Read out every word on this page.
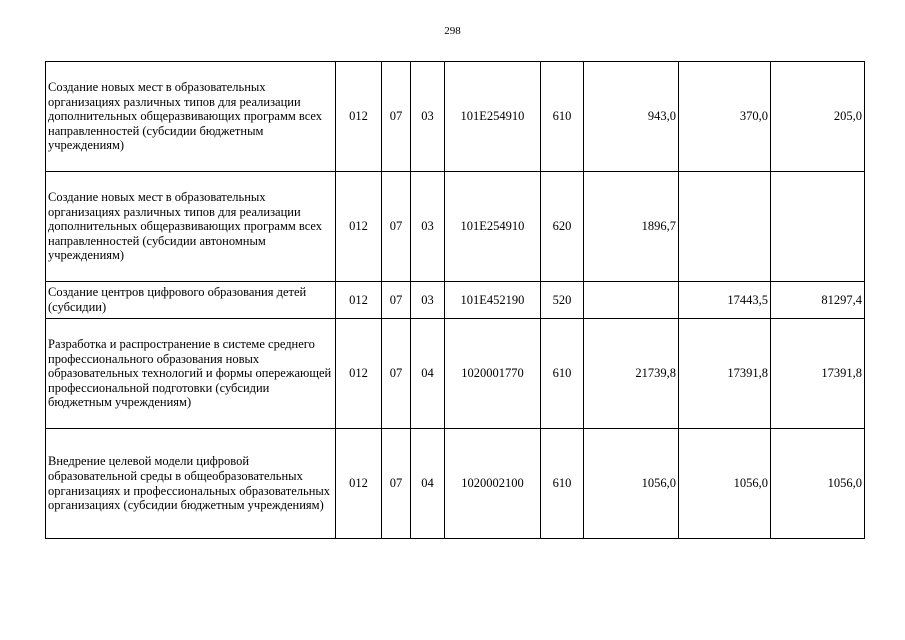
298
Создание новых мест в образовательных организациях различных типов для реализации дополнительных общеразвивающих программ всех направленностей (субсидии бюджетным учреждениям)	012	07	03	101E254910	610	943,0	370,0	205,0
Создание новых мест в образовательных организациях различных типов для реализации дополнительных общеразвивающих программ всех направленностей (субсидии автономным учреждениям)	012	07	03	101E254910	620	1896,7		
Создание центров цифрового образования детей (субсидии)	012	07	03	101E452190	520		17443,5	81297,4
Разработка и распространение в системе среднего профессионального образования новых образовательных технологий и формы опережающей профессиональной подготовки (субсидии бюджетным учреждениям)	012	07	04	1020001770	610	21739,8	17391,8	17391,8
Внедрение целевой модели цифровой образовательной среды в общеобразовательных организациях и профессиональных образовательных организациях (субсидии бюджетным учреждениям)	012	07	04	1020002100	610	1056,0	1056,0	1056,0
